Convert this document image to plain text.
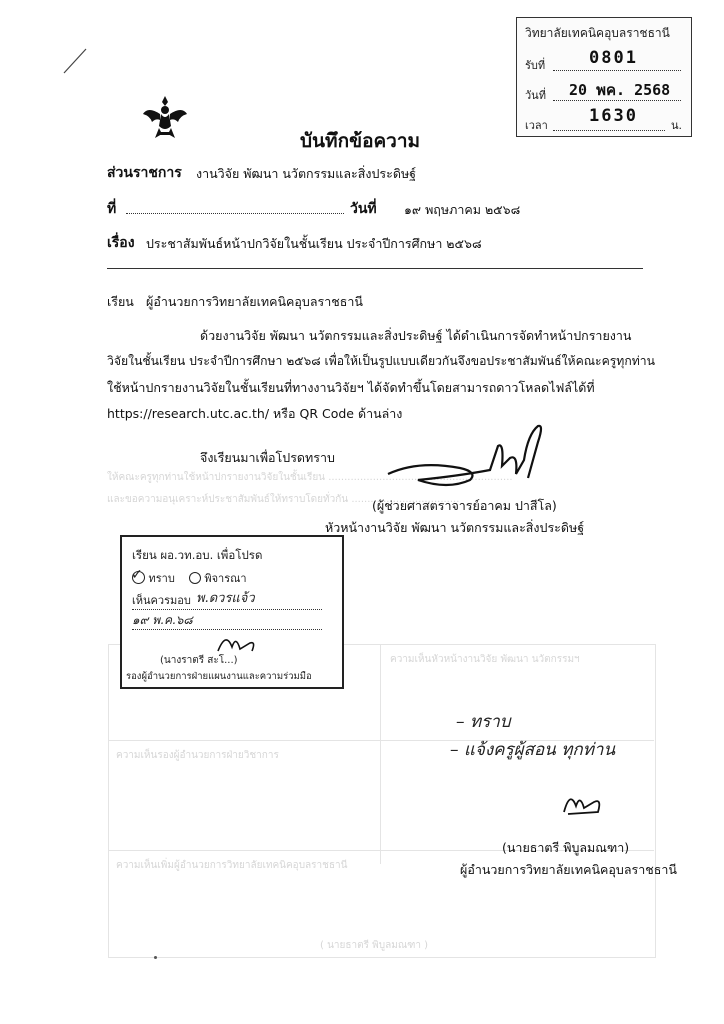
วิทยาลัยเทคนิคอุบลราชธานี
รับที่	0801
วันที่ 20 พค. 2568
เวลา 1630	น.
บันทึกข้อความ
ส่วนราชการ งานวิจัย พัฒนา นวัตกรรมและสิ่งประดิษฐ์
ที่	วันที่ ๑๙ พฤษภาคม ๒๕๖๘
เรื่อง ประชาสัมพันธ์หน้าปกวิจัยในชั้นเรียน ประจำปีการศึกษา ๒๕๖๘
เรียน ผู้อำนวยการวิทยาลัยเทคนิคอุบลราชธานี
ด้วยงานวิจัย พัฒนา นวัตกรรมและสิ่งประดิษฐ์ ได้ดำเนินการจัดทำหน้าปกรายงาน
วิจัยในชั้นเรียน ประจำปีการศึกษา ๒๕๖๘ เพื่อให้เป็นรูปแบบเดียวกันจึงขอประชาสัมพันธ์ให้คณะครูทุกท่าน
ใช้หน้าปกรายงานวิจัยในชั้นเรียนที่ทางงานวิจัยฯ ได้จัดทำขึ้นโดยสามารถดาวโหลดไฟล์ได้ที่
https://research.utc.ac.th/ หรือ QR Code ด้านล่าง
ให้คณะครูทุกท่านใช้หน้าปกรายงานวิจัยในชั้นเรียน ..........................................................
และขอความอนุเคราะห์ประชาสัมพันธ์ให้ทราบโดยทั่วกัน ..................................
จึงเรียนมาเพื่อโปรดทราบ
(ผู้ช่วยศาสตราจารย์อาคม ปาสีโล)
หัวหน้างานวิจัย พัฒนา นวัตกรรมและสิ่งประดิษฐ์
ความเห็นหัวหน้างานวิจัย พัฒนา นวัตกรรมฯ
ความเห็นรองผู้อำนวยการฝ่ายวิชาการ
ความเห็นเพิ่มผู้อำนวยการวิทยาลัยเทคนิคอุบลราชธานี
( นายธาตรี พิบูลมณฑา )
เรียน ผอ.วท.อบ. เพื่อโปรด
✓ ทราบ	พิจารณา
เห็นควรมอบ พ.ดวรแจ้ว
๑๙ พ.ค.๖๘
(นางราตรี สะโ...)
รองผู้อำนวยการฝ่ายแผนงานและความร่วมมือ
– ทราบ
– แจ้งครูผู้สอน ทุกท่าน
(นายธาตรี พิบูลมณฑา)
ผู้อำนวยการวิทยาลัยเทคนิคอุบลราชธานี
